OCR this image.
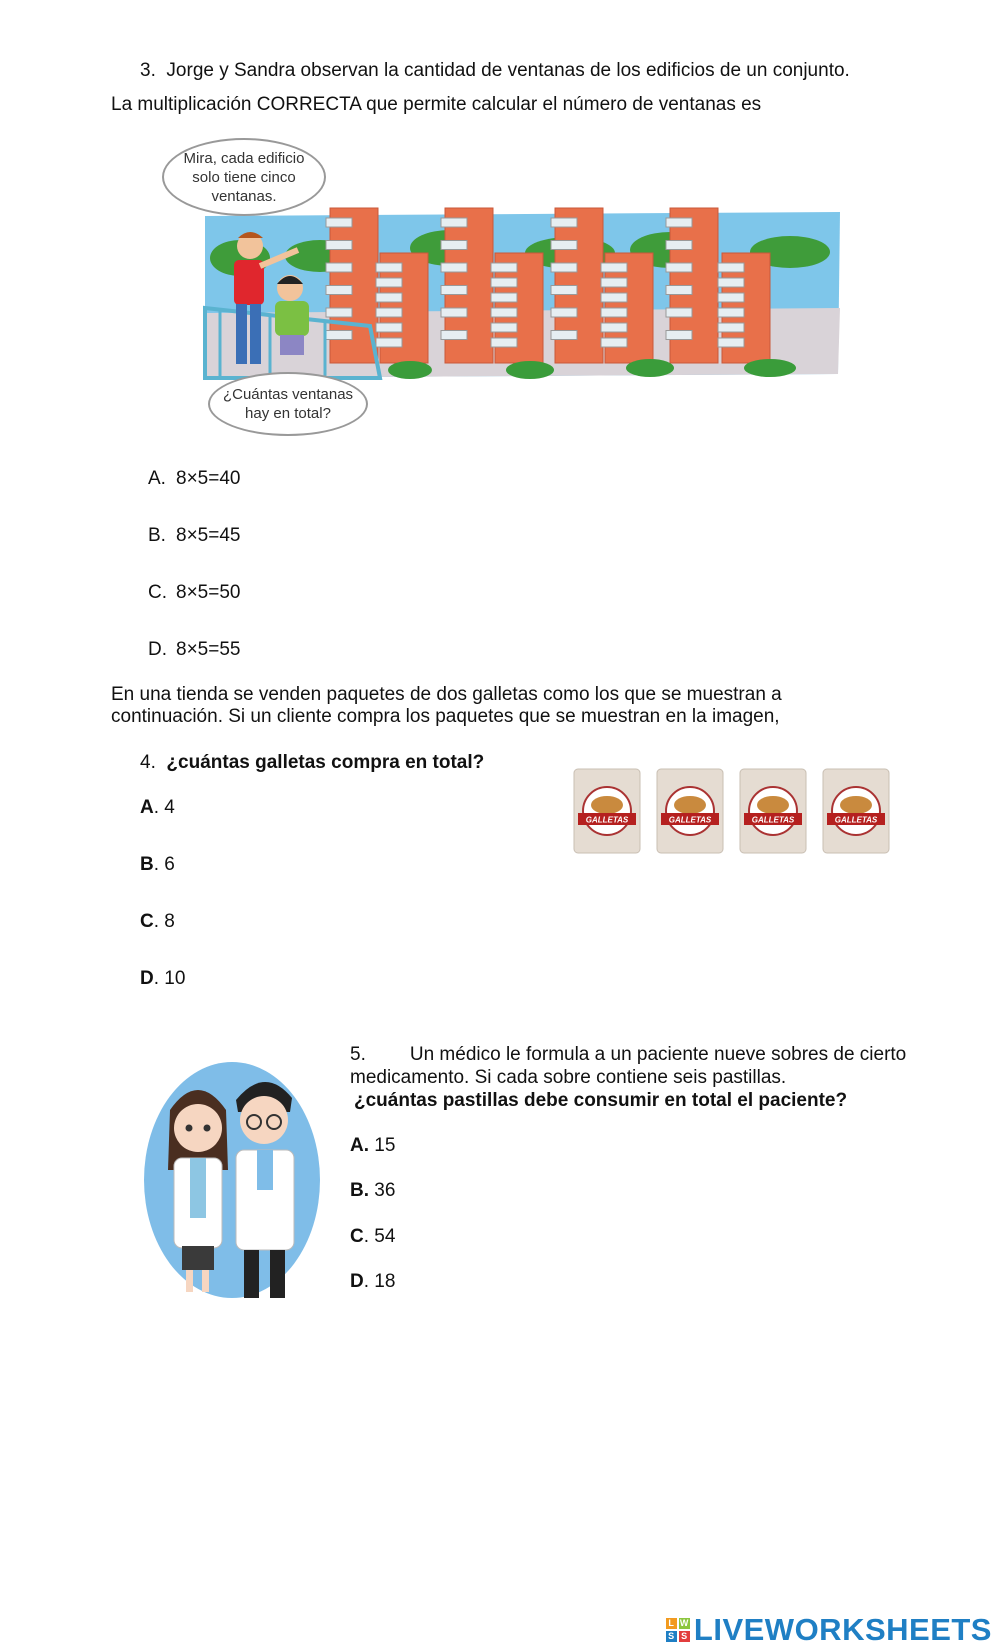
3. Jorge y Sandra observan la cantidad de ventanas de los edificios de un conjunto.
La multiplicación CORRECTA que permite calcular el número de ventanas es
Mira, cada edificio solo tiene cinco ventanas.
¿Cuántas ventanas hay en total?
A. 8×5=40
B. 8×5=45
C. 8×5=50
D. 8×5=55
En una tienda se venden paquetes de dos galletas como los que se muestran a
continuación. Si un cliente compra los paquetes que se muestran en la imagen,
4. ¿cuántas galletas compra en total?
GALLETAS	GALLETAS	GALLETAS	GALLETAS
A. 4
B. 6
C. 8
D. 10
5. Un médico le formula a un paciente nueve sobres de cierto
medicamento. Si cada sobre contiene seis pastillas.
¿cuántas pastillas debe consumir en total el paciente?
A. 15
B. 36
C. 54
D. 18
L W
S S LIVEWORKSHEETS
